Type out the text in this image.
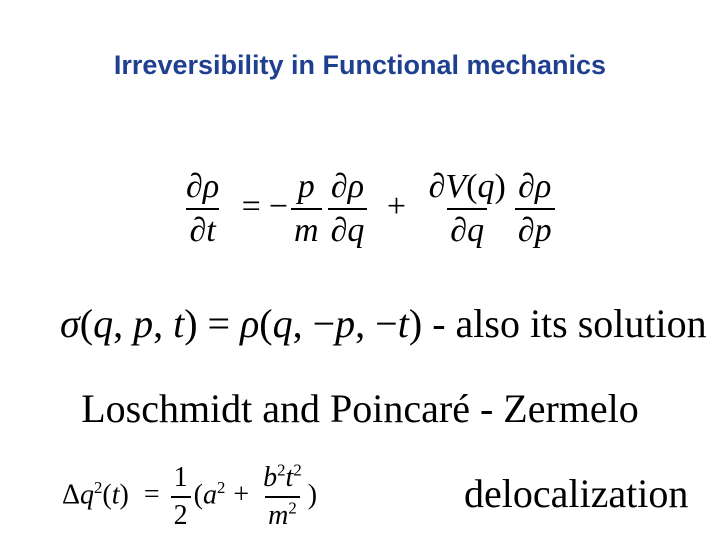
Irreversibility in Functional mechanics
$\frac{\partial\rho}{\partial t}$ = − $\frac{p}{m} \frac{\partial\rho}{\partial q} + \frac{\partial V(q)}{\partial q} \frac{\partial\rho}{\partial p}$
σ(q, p, t) = ρ(q, −p, −t) - also its solution
Loschmidt and Poincaré - Zermelo
$\Delta q^2(t) = \frac{1}{2} (a^2 + \frac{b^2t^2}{m^2}$ )	delocalization
